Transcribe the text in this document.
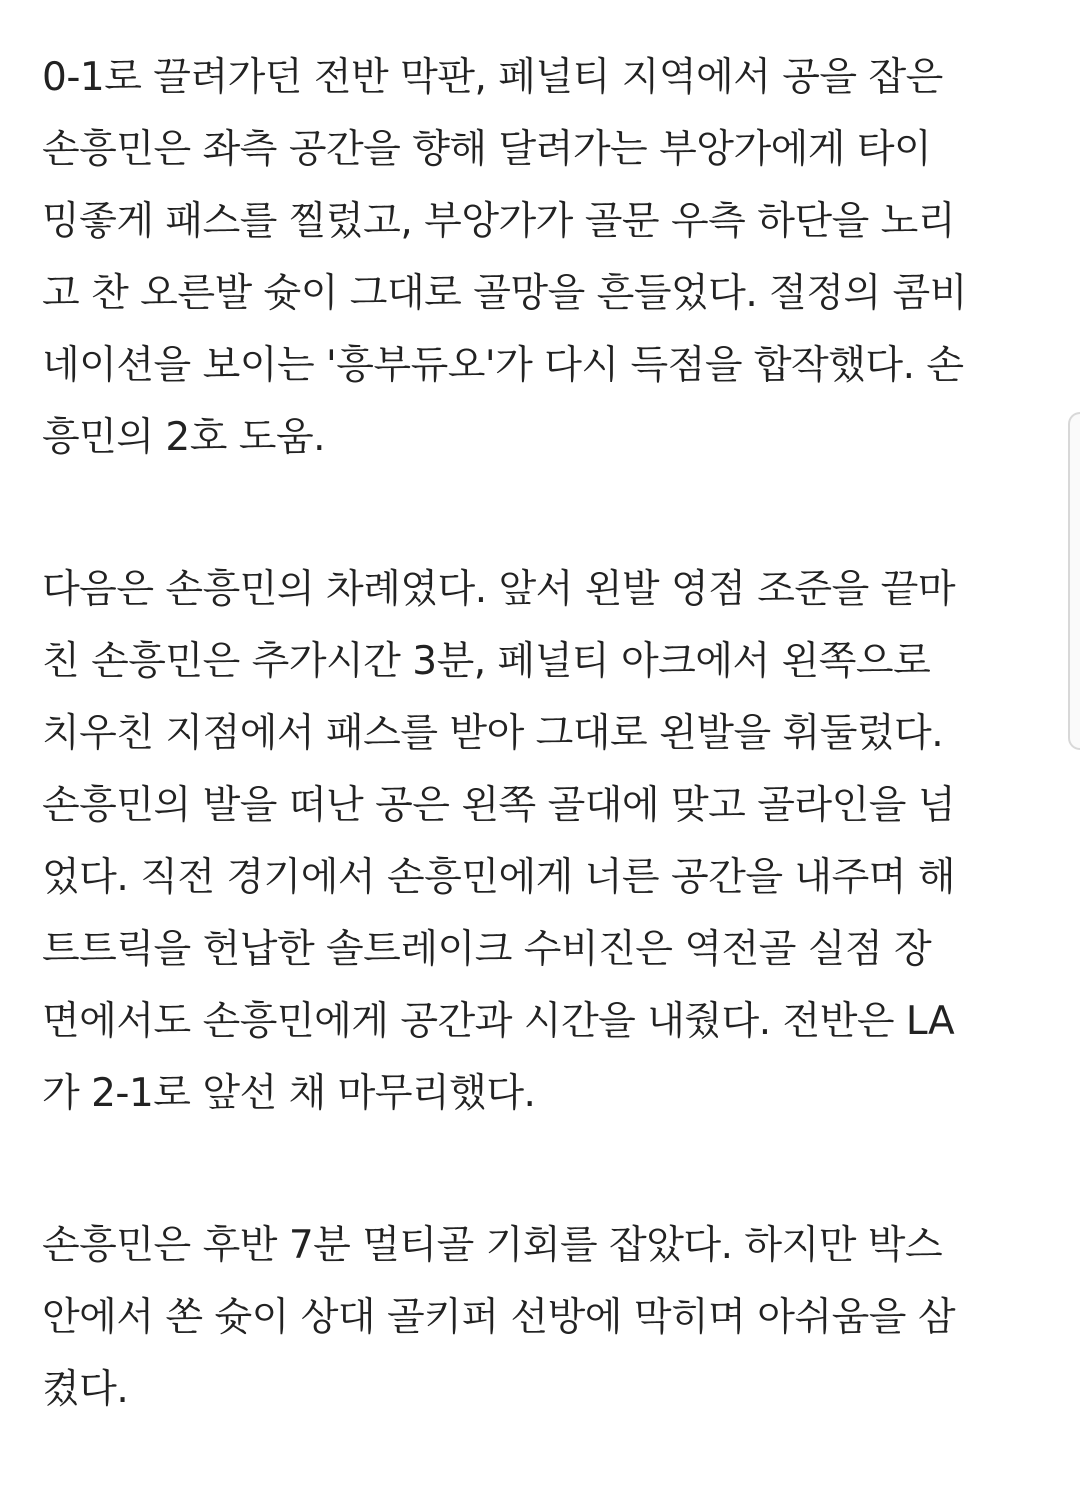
0-1로 끌려가던 전반 막판, 페널티 지역에서 공을 잡은
손흥민은 좌측 공간을 향해 달려가는 부앙가에게 타이
밍좋게 패스를 찔렀고, 부앙가가 골문 우측 하단을 노리
고 찬 오른발 슛이 그대로 골망을 흔들었다. 절정의 콤비
네이션을 보이는 '흥부듀오'가 다시 득점을 합작했다. 손
흥민의 2호 도움.
다음은 손흥민의 차례였다. 앞서 왼발 영점 조준을 끝마
친 손흥민은 추가시간 3분, 페널티 아크에서 왼쪽으로
치우친 지점에서 패스를 받아 그대로 왼발을 휘둘렀다.
손흥민의 발을 떠난 공은 왼쪽 골대에 맞고 골라인을 넘
었다. 직전 경기에서 손흥민에게 너른 공간을 내주며 해
트트릭을 헌납한 솔트레이크 수비진은 역전골 실점 장
면에서도 손흥민에게 공간과 시간을 내줬다. 전반은 LA
가 2-1로 앞선 채 마무리했다.
손흥민은 후반 7분 멀티골 기회를 잡았다. 하지만 박스
안에서 쏜 슛이 상대 골키퍼 선방에 막히며 아쉬움을 삼
켰다.
